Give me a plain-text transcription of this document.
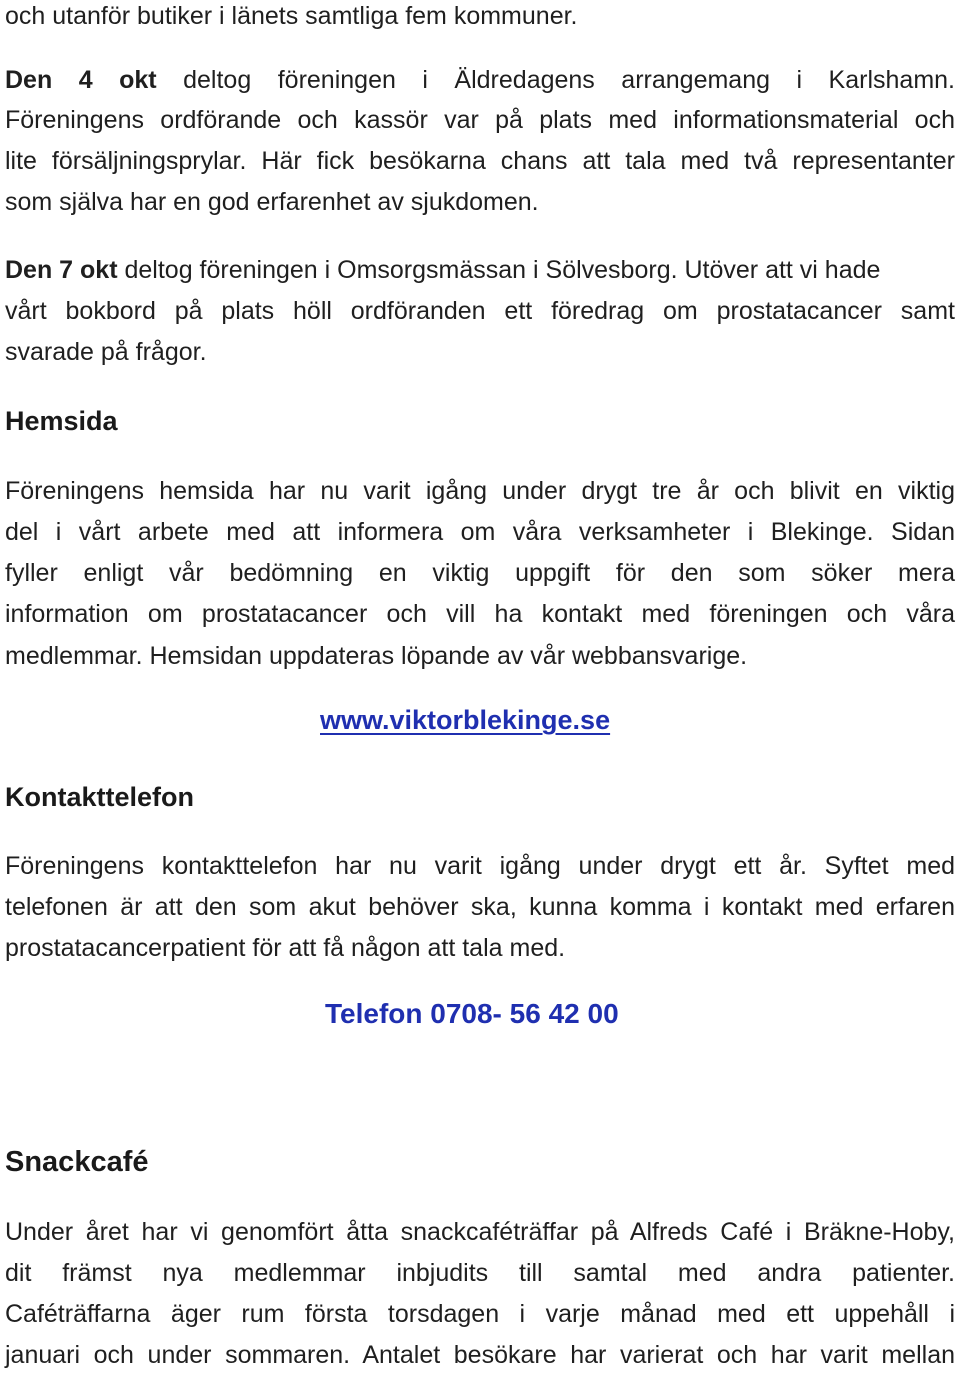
och utanför butiker i länets samtliga fem kommuner.
Den 4 okt deltog föreningen i Äldredagens arrangemang i Karlshamn.
Föreningens ordförande och kassör var på plats med informationsmaterial och
lite försäljningsprylar. Här fick besökarna chans att tala med två representanter
som själva har en god erfarenhet av sjukdomen.
Den 7 okt deltog föreningen i Omsorgsmässan i Sölvesborg. Utöver att vi hade
vårt bokbord på plats höll ordföranden ett föredrag om prostatacancer samt
svarade på frågor.
Hemsida
Föreningens hemsida har nu varit igång under drygt tre år och blivit en viktig
del i vårt arbete med att informera om våra verksamheter i Blekinge. Sidan
fyller enligt vår bedömning en viktig uppgift för den som söker mera
information om prostatacancer och vill ha kontakt med föreningen och våra
medlemmar. Hemsidan uppdateras löpande av vår webbansvarige.
www.viktorblekinge.se
Kontakttelefon
Föreningens kontakttelefon har nu varit igång under drygt ett år. Syftet med
telefonen är att den som akut behöver ska, kunna komma i kontakt med erfaren
prostatacancerpatient för att få någon att tala med.
Telefon 0708- 56 42 00
Snackcafé
Under året har vi genomfört åtta snackcaféträffar på Alfreds Café i Bräkne-Hoby,
dit främst nya medlemmar inbjudits till samtal med andra patienter.
Caféträffarna äger rum första torsdagen i varje månad med ett uppehåll i
januari och under sommaren. Antalet besökare har varierat och har varit mellan
